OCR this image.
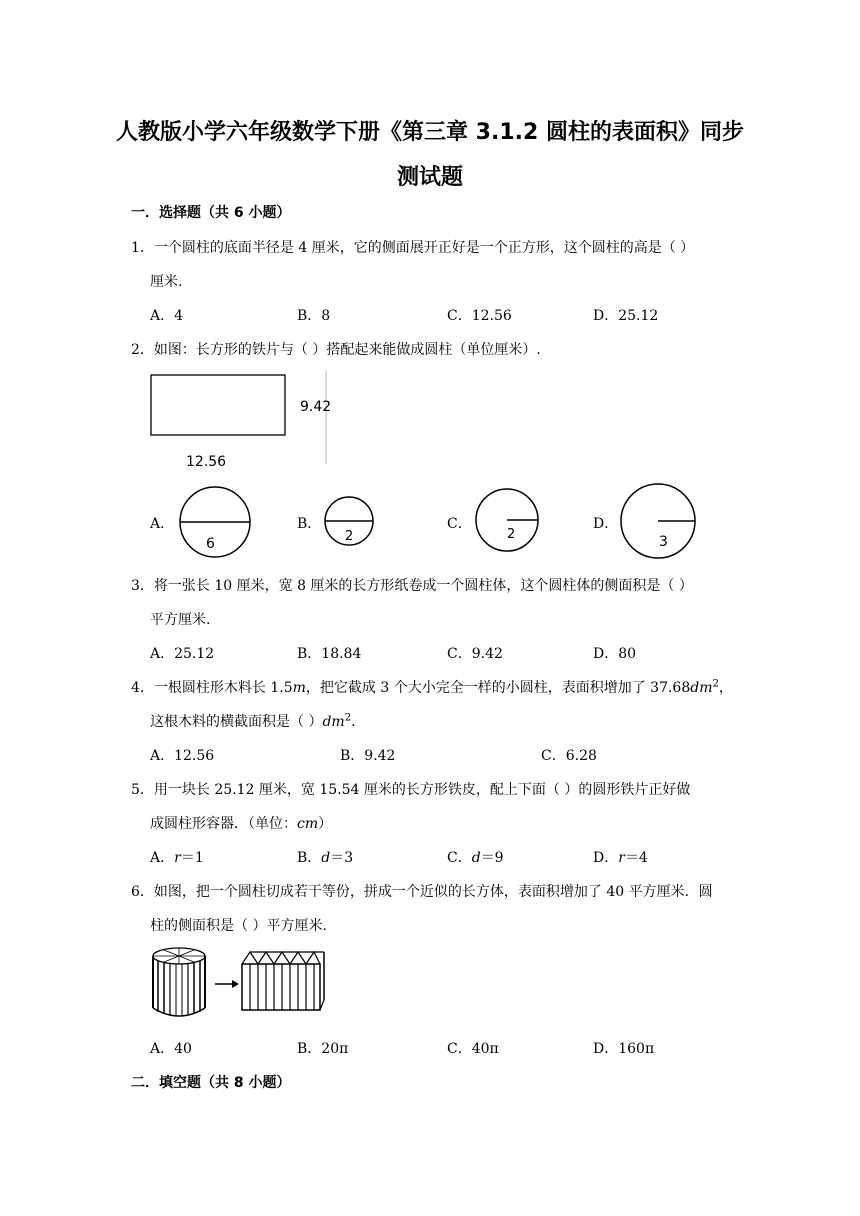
人教版小学六年级数学下册《第三章 3.1.2 圆柱的表面积》同步
测试题
一．选择题（共 6 小题）
1．一个圆柱的底面半径是 4 厘米，它的侧面展开正好是一个正方形，这个圆柱的高是（ ）
厘米.
A．4	B．8	C．12.56	D．25.12
2．如图：长方形的铁片与（ ）搭配起来能做成圆柱（单位厘米）.
9.42
12.56
A．
6
B．
2
C．
2
D．
3
3．将一张长 10 厘米，宽 8 厘米的长方形纸卷成一个圆柱体，这个圆柱体的侧面积是（ ）
平方厘米.
A．25.12	B．18.84	C．9.42	D．80
4．一根圆柱形木料长 1.5m，把它截成 3 个大小完全一样的小圆柱，表面积增加了 $37.68dm^2$，
这根木料的横截面积是（ ）$dm^2$.
A．12.56	B．9.42	C．6.28
5．用一块长 25.12 厘米，宽 15.54 厘米的长方形铁皮，配上下面（ ）的圆形铁片正好做
成圆柱形容器．（单位：cm）
A．r＝1	B．d＝3	C．d＝9	D．r＝4
6．如图，把一个圆柱切成若干等份，拼成一个近似的长方体，表面积增加了 40 平方厘米．圆
柱的侧面积是（ ）平方厘米.
A．40	B．20π	C．40π	D．160π
二．填空题（共 8 小题）
